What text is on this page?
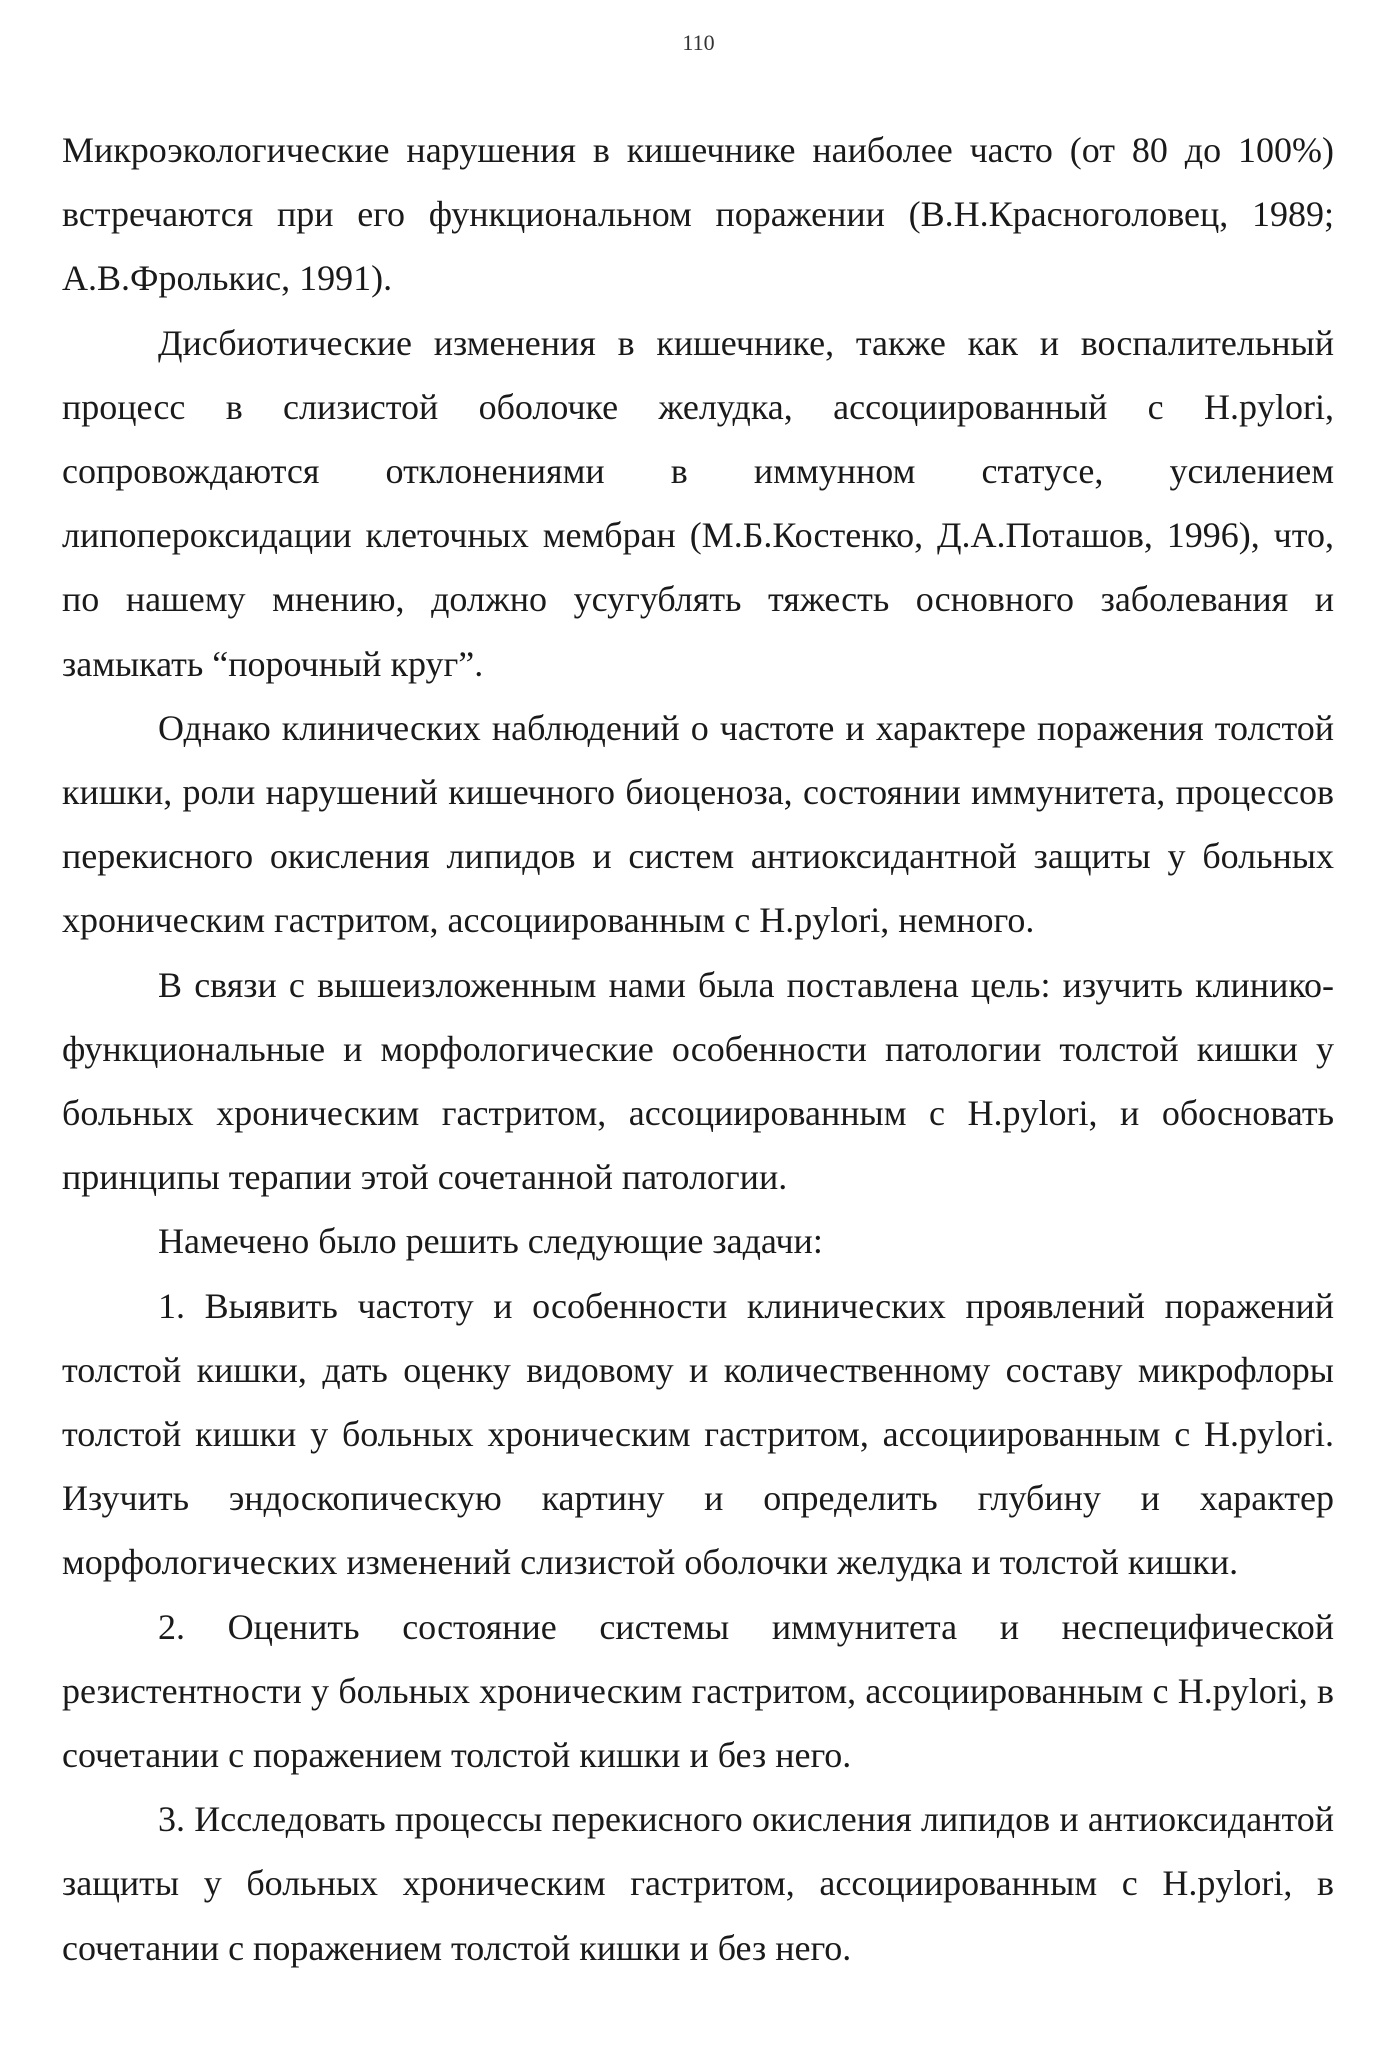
110

Микроэкологические нарушения в кишечнике наиболее часто (от 80 до 100%) встречаются при его функциональном поражении (В.Н.Красноголовец, 1989; А.В.Фролькис, 1991).

Дисбиотические изменения в кишечнике, также как и воспалительный процесс в слизистой оболочке желудка, ассоциированный с H.pylori, сопровождаются отклонениями в иммунном статусе, усилением липопероксидации клеточных мембран (М.Б.Костенко, Д.А.Поташов, 1996), что, по нашему мнению, должно усугублять тяжесть основного заболевания и замыкать “порочный круг”.

Однако клинических наблюдений о частоте и характере поражения толстой кишки, роли нарушений кишечного биоценоза, состоянии иммунитета, процессов перекисного окисления липидов и систем антиоксидантной защиты у больных хроническим гастритом, ассоциированным с H.pylori, немного.

В связи с вышеизложенным нами была поставлена цель: изучить клинико-функциональные и морфологические особенности патологии толстой кишки у больных хроническим гастритом, ассоциированным с H.pylori, и обосновать принципы терапии этой сочетанной патологии.

Намечено было решить следующие задачи:

1. Выявить частоту и особенности клинических проявлений поражений толстой кишки, дать оценку видовому и количественному составу микрофлоры толстой кишки у больных хроническим гастритом, ассоциированным с H.pylori. Изучить эндоскопическую картину и определить глубину и характер морфологических изменений слизистой оболочки желудка и толстой кишки.

2. Оценить состояние системы иммунитета и неспецифической резистентности у больных хроническим гастритом, ассоциированным с H.pylori, в сочетании с поражением толстой кишки и без него.

3. Исследовать процессы перекисного окисления липидов и антиоксидантой защиты у больных хроническим гастритом, ассоциированным с H.pylori, в сочетании с поражением толстой кишки и без него.
